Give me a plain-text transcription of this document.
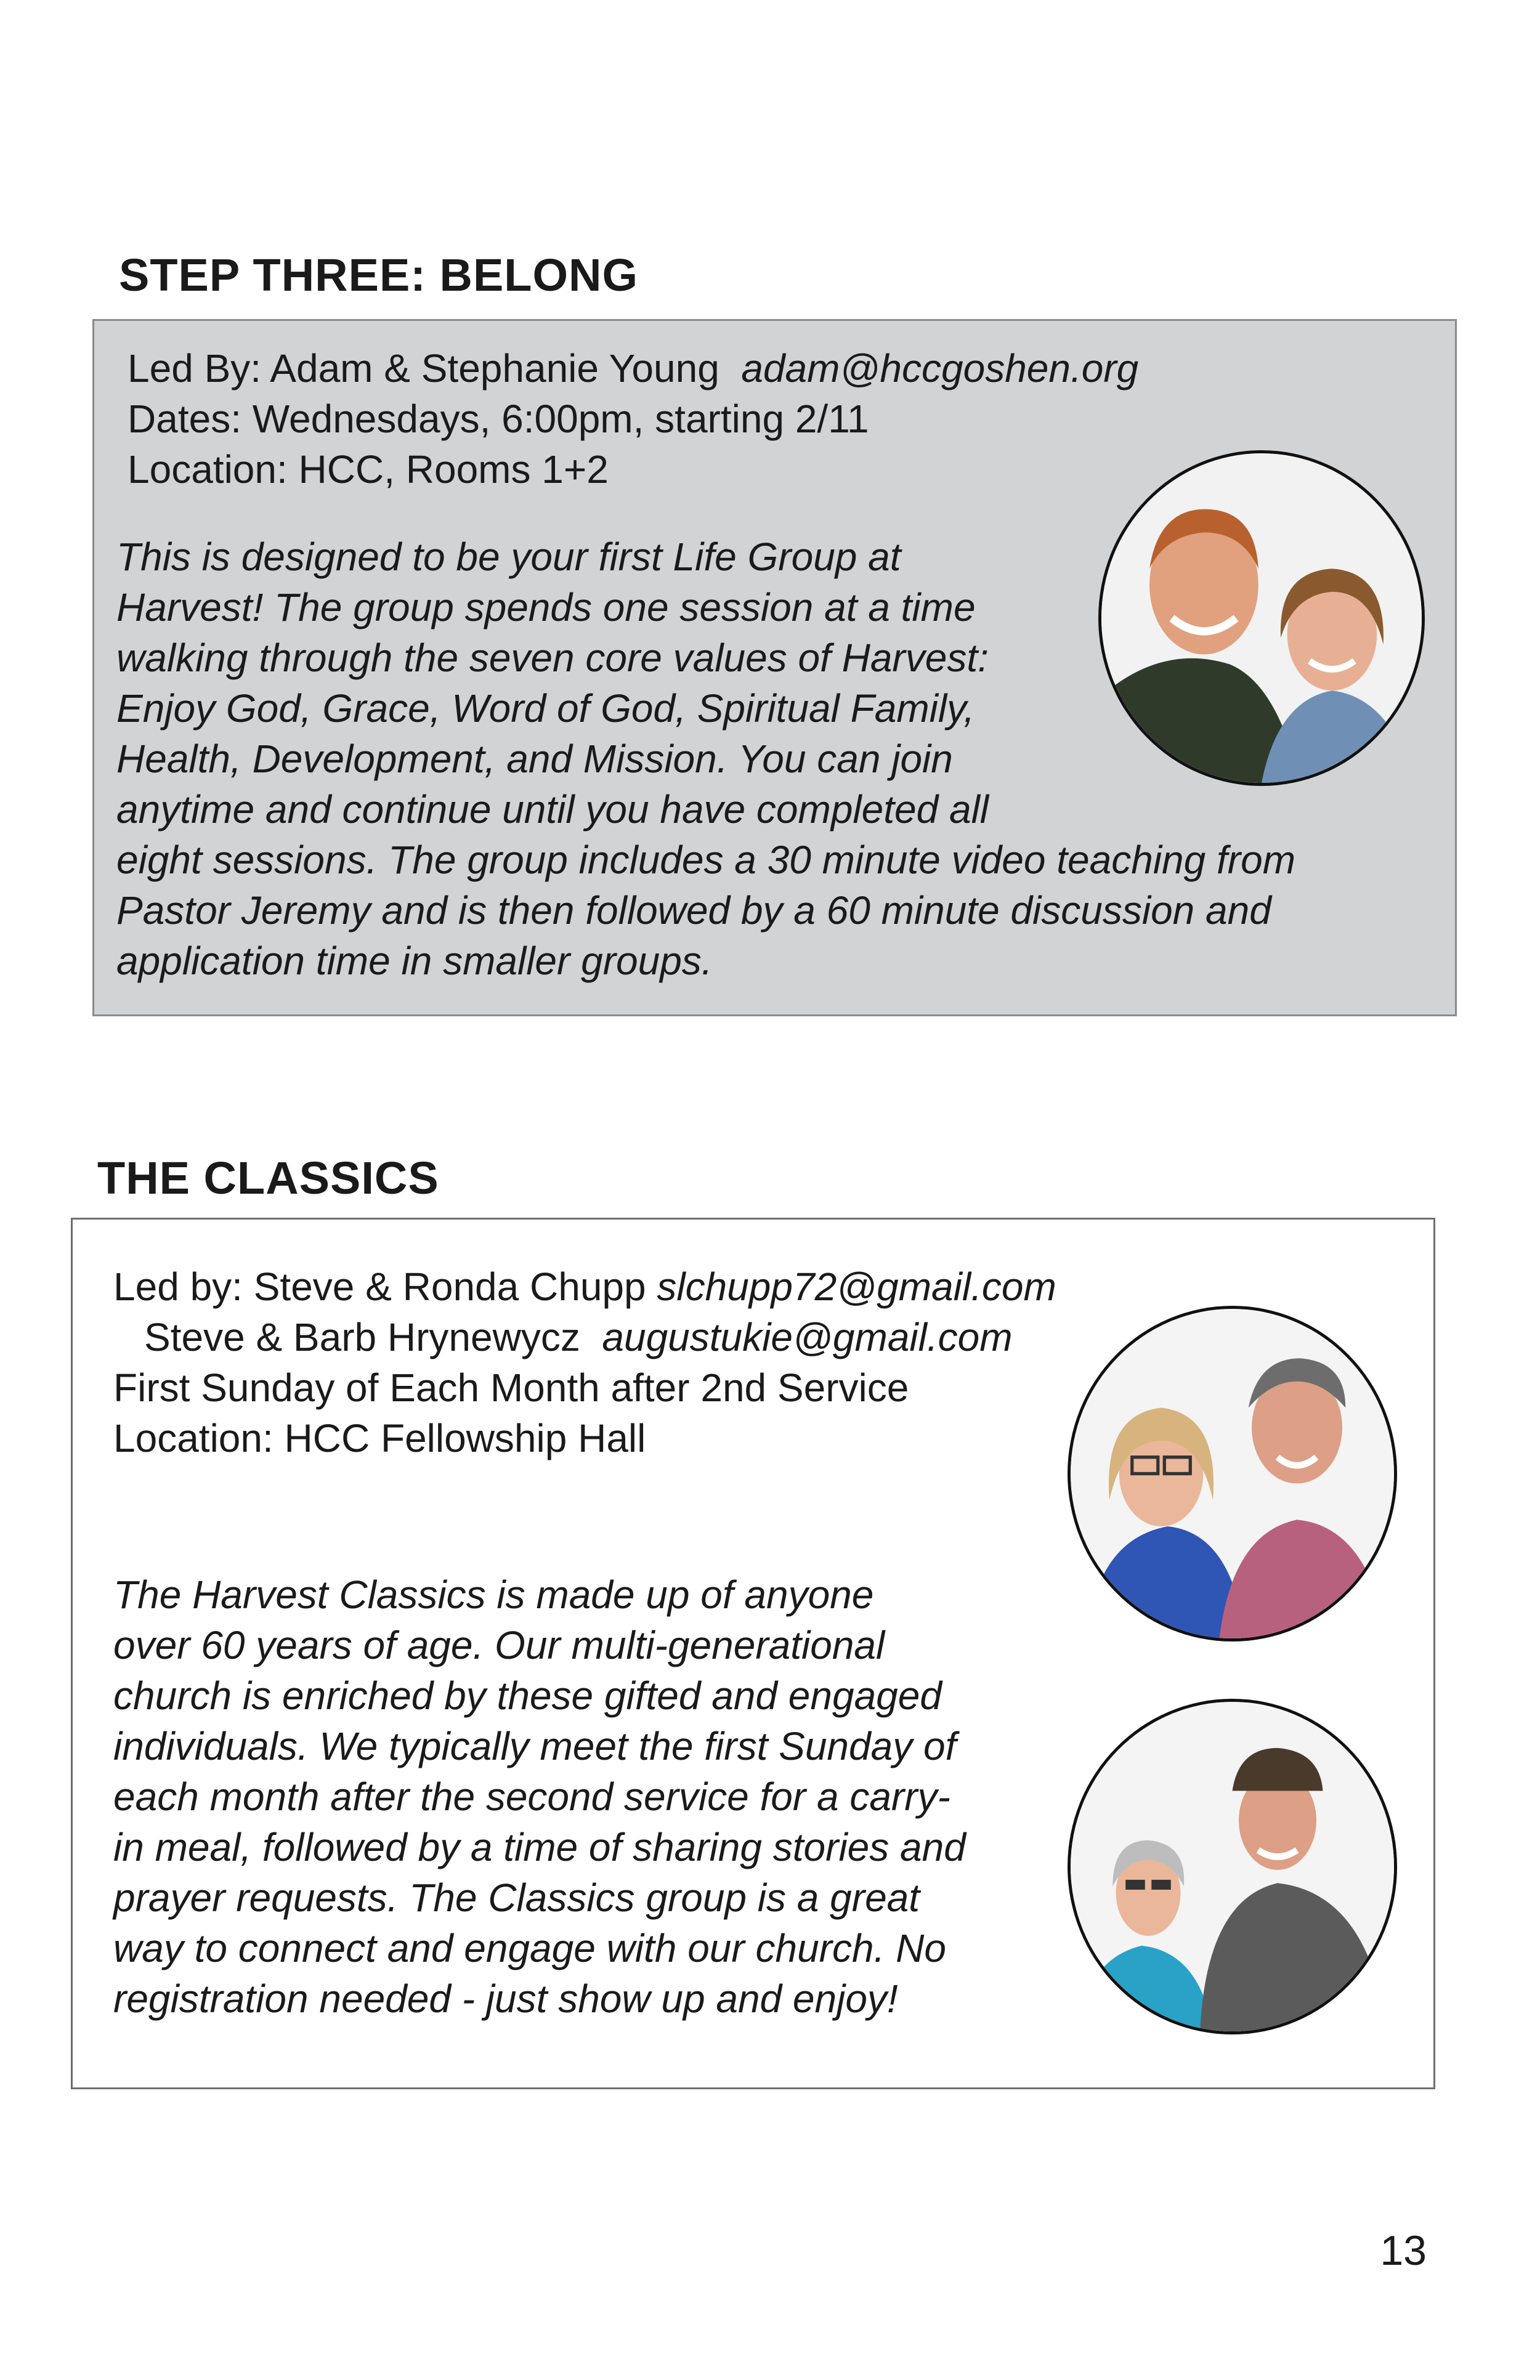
STEP THREE: BELONG
Led By: Adam & Stephanie Young adam@hccgoshen.org
Dates: Wednesdays, 6:00pm, starting 2/11
Location: HCC, Rooms 1+2

This is designed to be your first Life Group at
Harvest! The group spends one session at a time
walking through the seven core values of Harvest:
Enjoy God, Grace, Word of God, Spiritual Family,
Health, Development, and Mission. You can join
anytime and continue until you have completed all
eight sessions. The group includes a 30 minute video teaching from
Pastor Jeremy and is then followed by a 60 minute discussion and
application time in smaller groups.

THE CLASSICS
Led by: Steve & Ronda Chupp slchupp72@gmail.com
Steve & Barb Hrynewycz augustukie@gmail.com
First Sunday of Each Month after 2nd Service
Location: HCC Fellowship Hall

The Harvest Classics is made up of anyone
over 60 years of age. Our multi-generational
church is enriched by these gifted and engaged
individuals. We typically meet the first Sunday of
each month after the second service for a carry-
in meal, followed by a time of sharing stories and
prayer requests. The Classics group is a great
way to connect and engage with our church. No
registration needed - just show up and enjoy!

13
